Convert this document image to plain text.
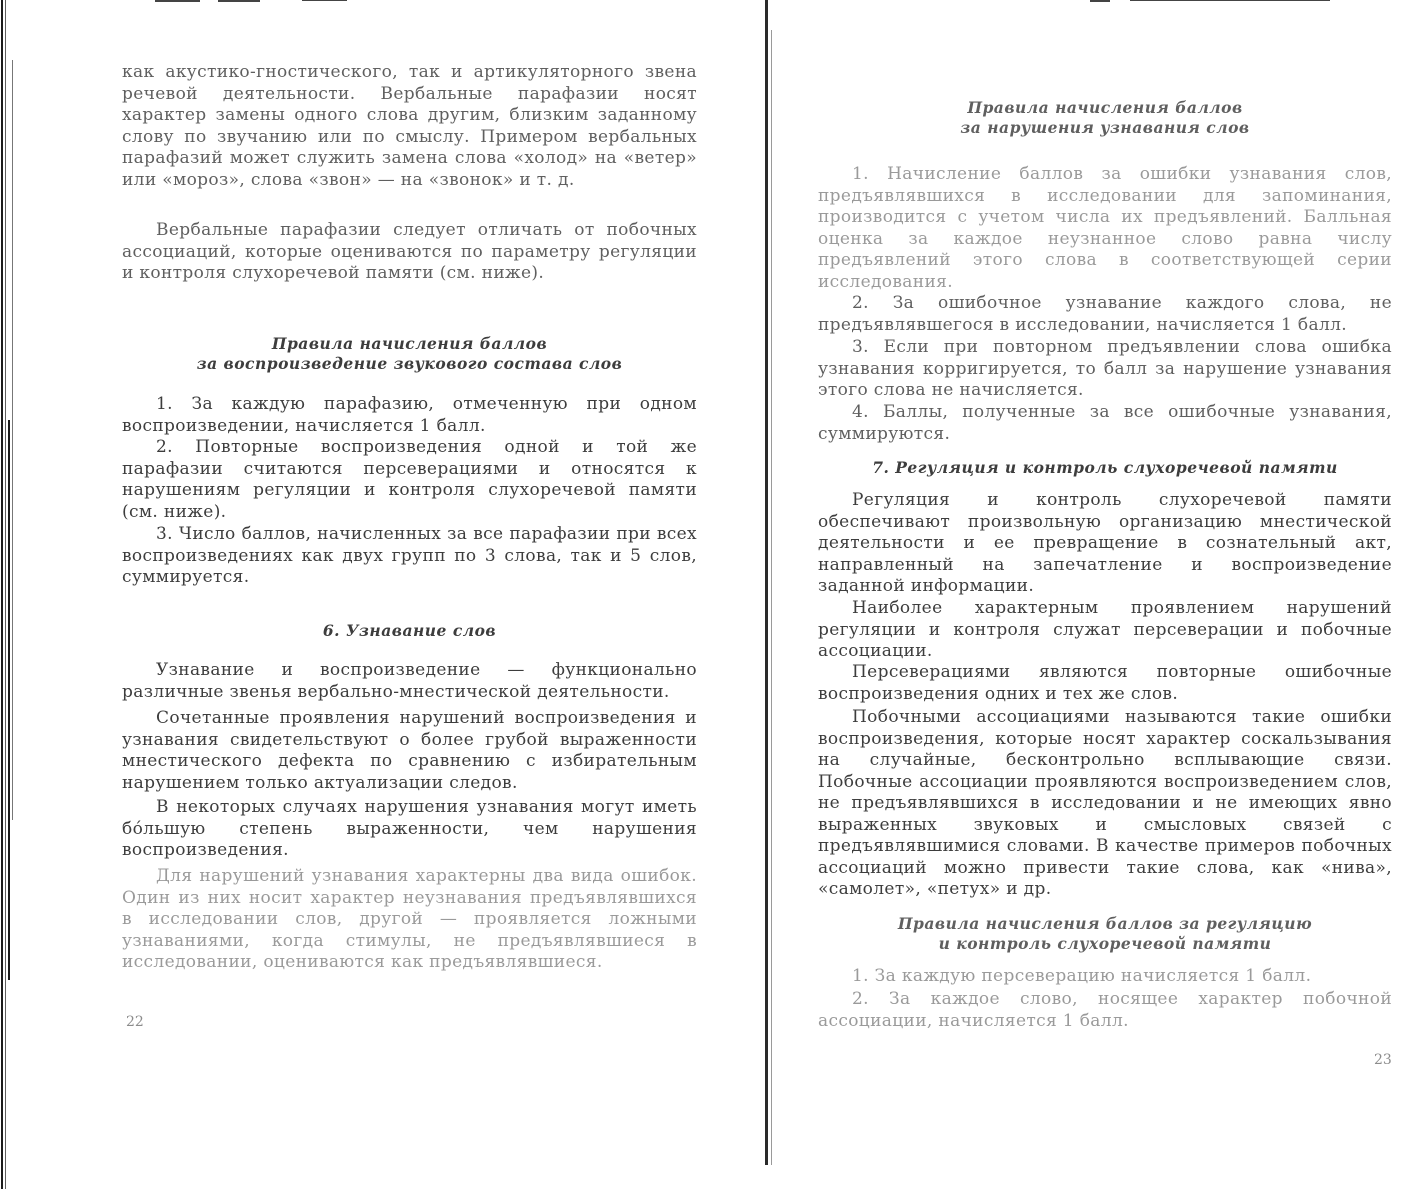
как акустико-гностического, так и артикуляторного звена речевой деятельности. Вербальные парафазии носят характер замены одного слова другим, близким заданному слову по звучанию или по смыслу. Примером вербальных парафазий может служить замена слова «холод» на «ветер» или «мороз», слова «звон» — на «звонок» и т. д.

Вербальные парафазии следует отличать от побочных ассоциаций, которые оцениваются по параметру регуляции и контроля слухоречевой памяти (см. ниже).

Правила начисления баллов
за воспроизведение звукового состава слов

1. За каждую парафазию, отмеченную при одном воспроизведении, начисляется 1 балл.

2. Повторные воспроизведения одной и той же парафазии считаются персеверациями и относятся к нарушениям регуляции и контроля слухоречевой памяти (см. ниже).

3. Число баллов, начисленных за все парафазии при всех воспроизведениях как двух групп по 3 слова, так и 5 слов, суммируется.

6. Узнавание слов

Узнавание и воспроизведение — функционально различные звенья вербально-мнестической деятельности.

Сочетанные проявления нарушений воспроизведения и узнавания свидетельствуют о более грубой выраженности мнестического дефекта по сравнению с избирательным нарушением только актуализации следов.

В некоторых случаях нарушения узнавания могут иметь бо́льшую степень выраженности, чем нарушения воспроизведения.

Для нарушений узнавания характерны два вида ошибок. Один из них носит характер неузнавания предъявлявшихся в исследовании слов, другой — проявляется ложными узнаваниями, когда стимулы, не предъявлявшиеся в исследовании, оцениваются как предъявлявшиеся.

22

Правила начисления баллов
за нарушения узнавания слов

1. Начисление баллов за ошибки узнавания слов, предъявлявшихся в исследовании для запоминания, производится с учетом числа их предъявлений. Балльная оценка за каждое неузнанное слово равна числу предъявлений этого слова в соответствующей серии исследования.

2. За ошибочное узнавание каждого слова, не предъявлявшегося в исследовании, начисляется 1 балл.

3. Если при повторном предъявлении слова ошибка узнавания корригируется, то балл за нарушение узнавания этого слова не начисляется.

4. Баллы, полученные за все ошибочные узнавания, суммируются.

7. Регуляция и контроль слухоречевой памяти

Регуляция и контроль слухоречевой памяти обеспечивают произвольную организацию мнестической деятельности и ее превращение в сознательный акт, направленный на запечатление и воспроизведение заданной информации.

Наиболее характерным проявлением нарушений регуляции и контроля служат персеверации и побочные ассоциации.

Персеверациями являются повторные ошибочные воспроизведения одних и тех же слов.

Побочными ассоциациями называются такие ошибки воспроизведения, которые носят характер соскальзывания на случайные, бесконтрольно всплывающие связи. Побочные ассоциации проявляются воспроизведением слов, не предъявлявшихся в исследовании и не имеющих явно выраженных звуковых и смысловых связей с предъявлявшимися словами. В качестве примеров побочных ассоциаций можно привести такие слова, как «нива», «самолет», «петух» и др.

Правила начисления баллов за регуляцию
и контроль слухоречевой памяти

1. За каждую персеверацию начисляется 1 балл.

2. За каждое слово, носящее характер побочной ассоциации, начисляется 1 балл.

23
